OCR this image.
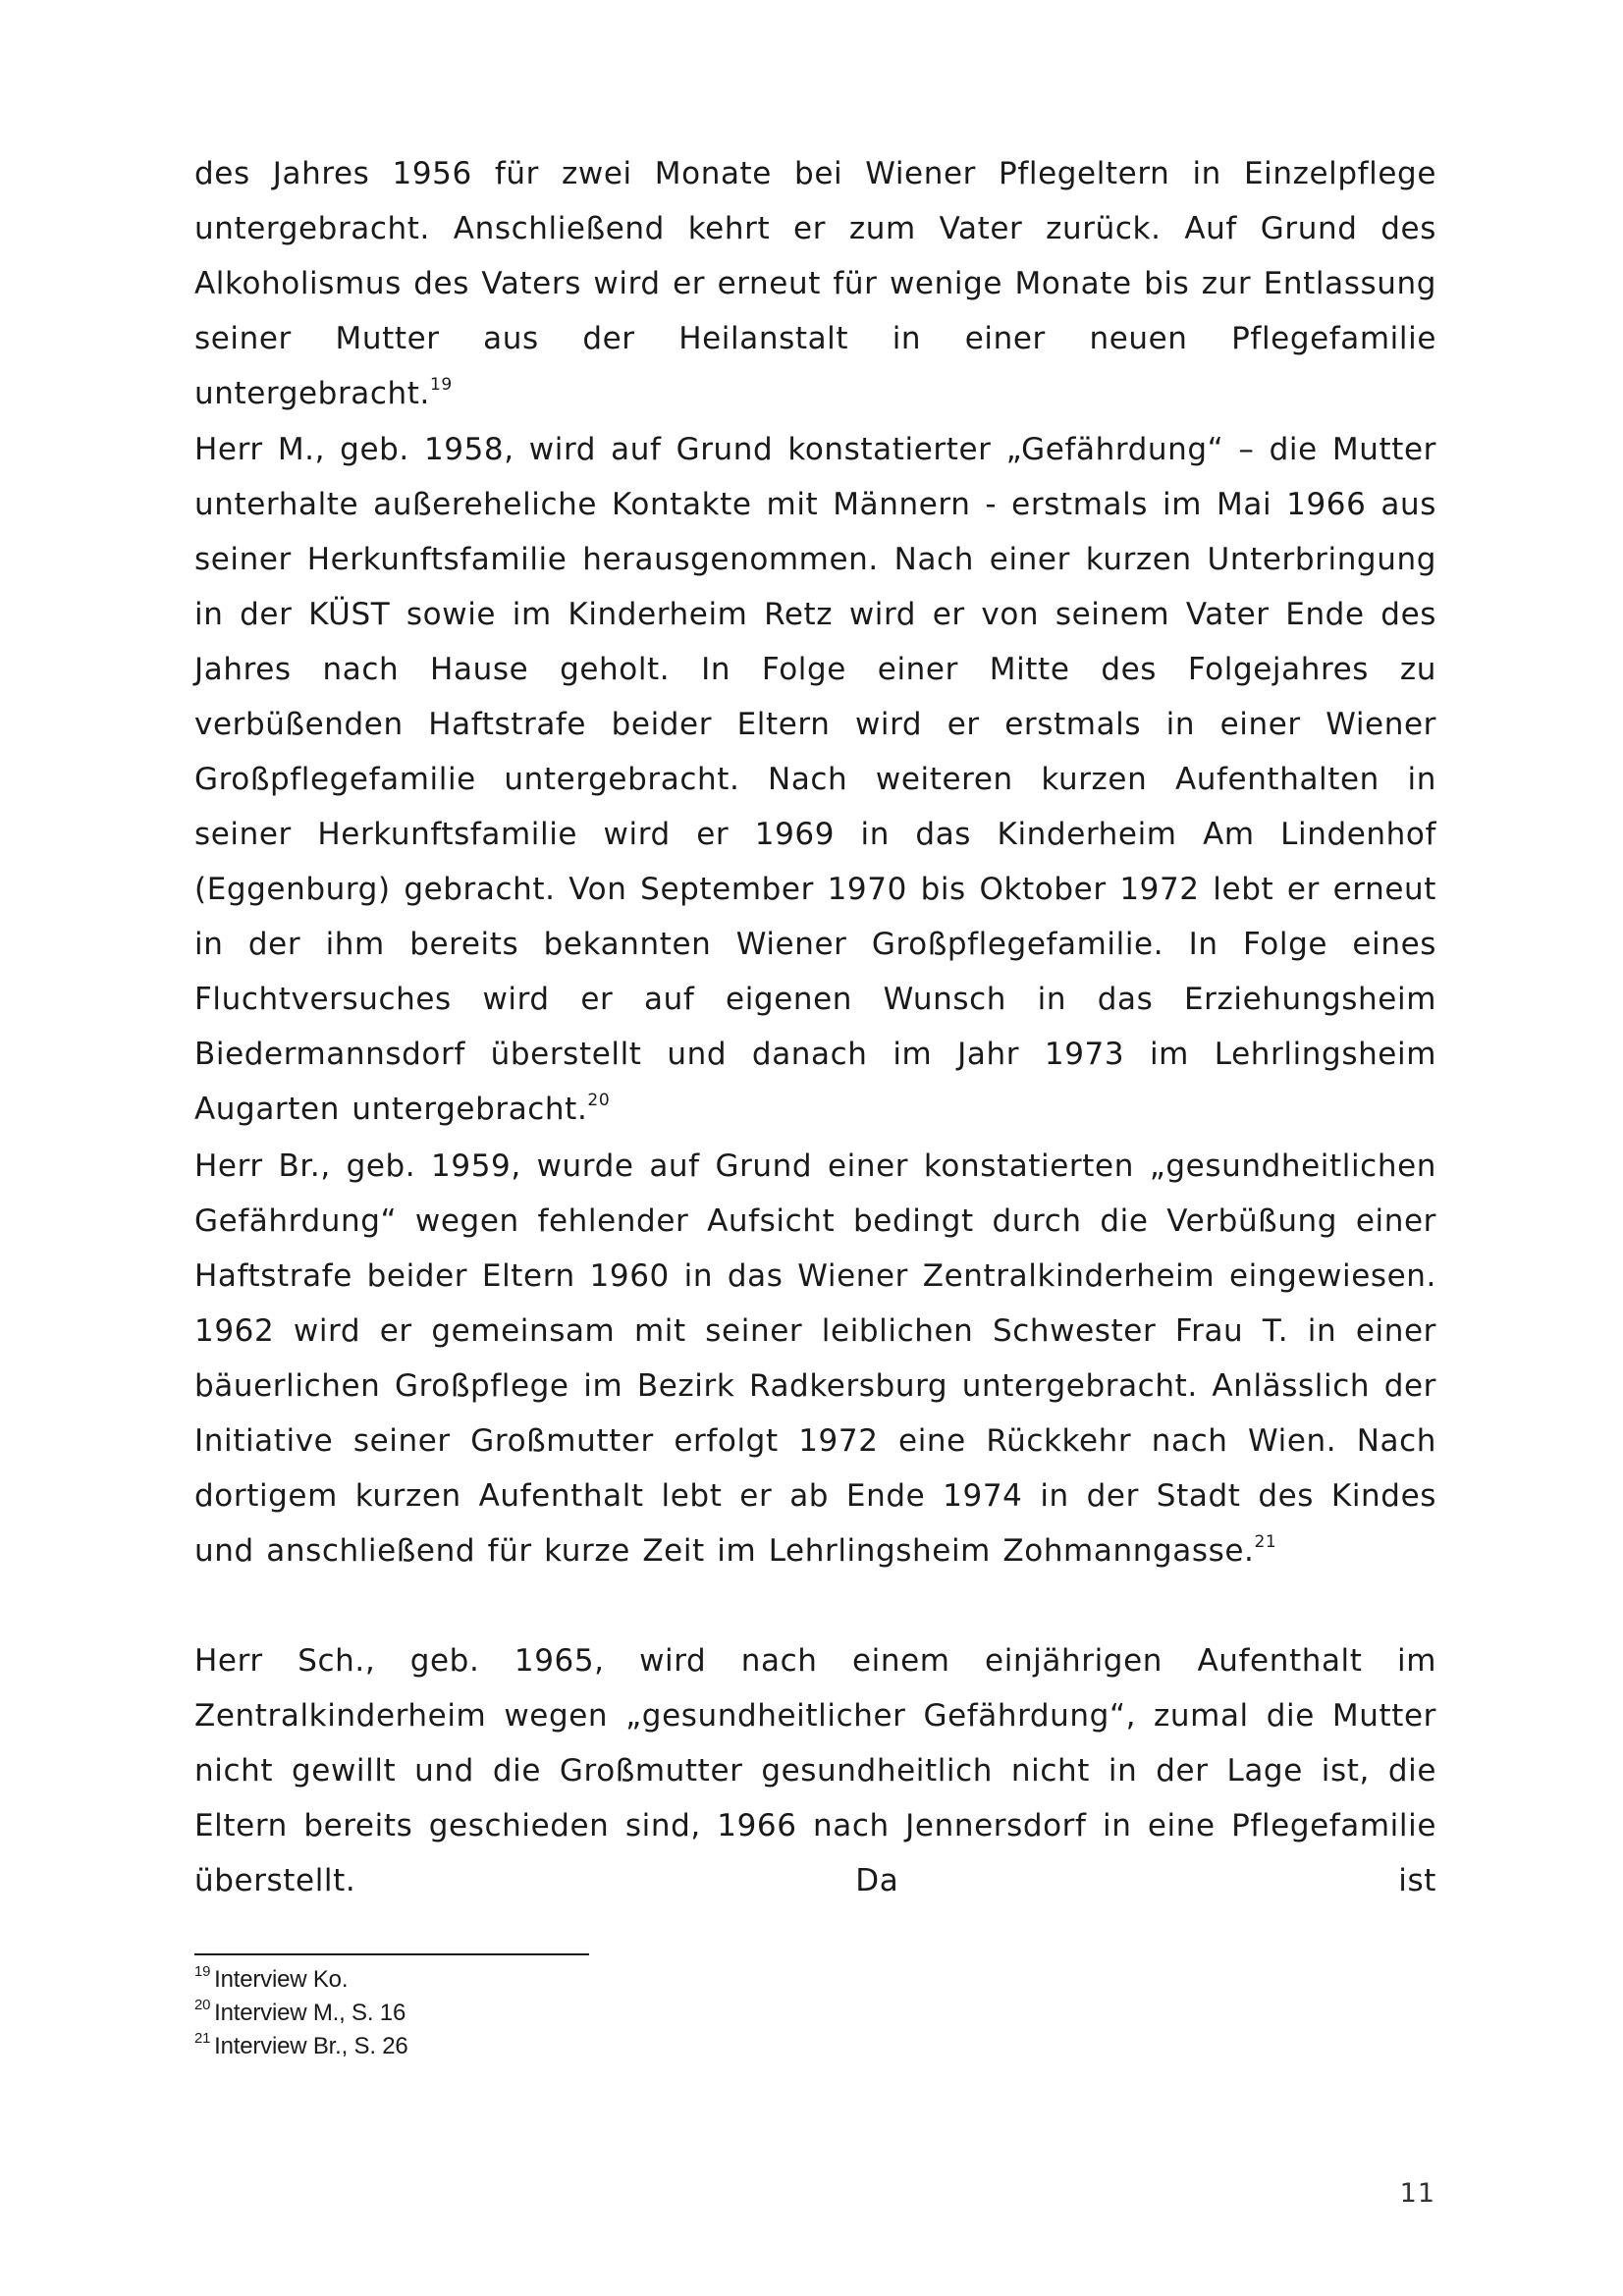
des Jahres 1956 für zwei Monate bei Wiener Pflegeltern in Einzelpflege untergebracht. Anschließend kehrt er zum Vater zurück. Auf Grund des Alkoholismus des Vaters wird er erneut für wenige Monate bis zur Entlassung seiner Mutter aus der Heilanstalt in einer neuen Pflegefamilie untergebracht.$^{19}$

Herr M., geb. 1958, wird auf Grund konstatierter „Gefährdung“ – die Mutter unterhalte außereheliche Kontakte mit Männern - erstmals im Mai 1966 aus seiner Herkunftsfamilie herausgenommen. Nach einer kurzen Unterbringung in der KÜST sowie im Kinderheim Retz wird er von seinem Vater Ende des Jahres nach Hause geholt. In Folge einer Mitte des Folgejahres zu verbüßenden Haftstrafe beider Eltern wird er erstmals in einer Wiener Großpflegefamilie untergebracht. Nach weiteren kurzen Aufenthalten in seiner Herkunftsfamilie wird er 1969 in das Kinderheim Am Lindenhof (Eggenburg) gebracht. Von September 1970 bis Oktober 1972 lebt er erneut in der ihm bereits bekannten Wiener Großpflegefamilie. In Folge eines Fluchtversuches wird er auf eigenen Wunsch in das Erziehungsheim Biedermannsdorf überstellt und danach im Jahr 1973 im Lehrlingsheim Augarten untergebracht.$^{20}$

Herr Br., geb. 1959, wurde auf Grund einer konstatierten „gesundheitlichen Gefährdung“ wegen fehlender Aufsicht bedingt durch die Verbüßung einer Haftstrafe beider Eltern 1960 in das Wiener Zentralkinderheim eingewiesen. 1962 wird er gemeinsam mit seiner leiblichen Schwester Frau T. in einer bäuerlichen Großpflege im Bezirk Radkersburg untergebracht. Anlässlich der Initiative seiner Großmutter erfolgt 1972 eine Rückkehr nach Wien. Nach dortigem kurzen Aufenthalt lebt er ab Ende 1974 in der Stadt des Kindes und anschließend für kurze Zeit im Lehrlingsheim Zohmanngasse.$^{21}$

Herr Sch., geb. 1965, wird nach einem einjährigen Aufenthalt im Zentralkinderheim wegen „gesundheitlicher Gefährdung“, zumal die Mutter nicht gewillt und die Großmutter gesundheitlich nicht in der Lage ist, die Eltern bereits geschieden sind, 1966 nach Jennersdorf in eine Pflegefamilie überstellt. Da ist

$^{19}$ Interview Ko.
$^{20}$ Interview M., S. 16
$^{21}$ Interview Br., S. 26
11
